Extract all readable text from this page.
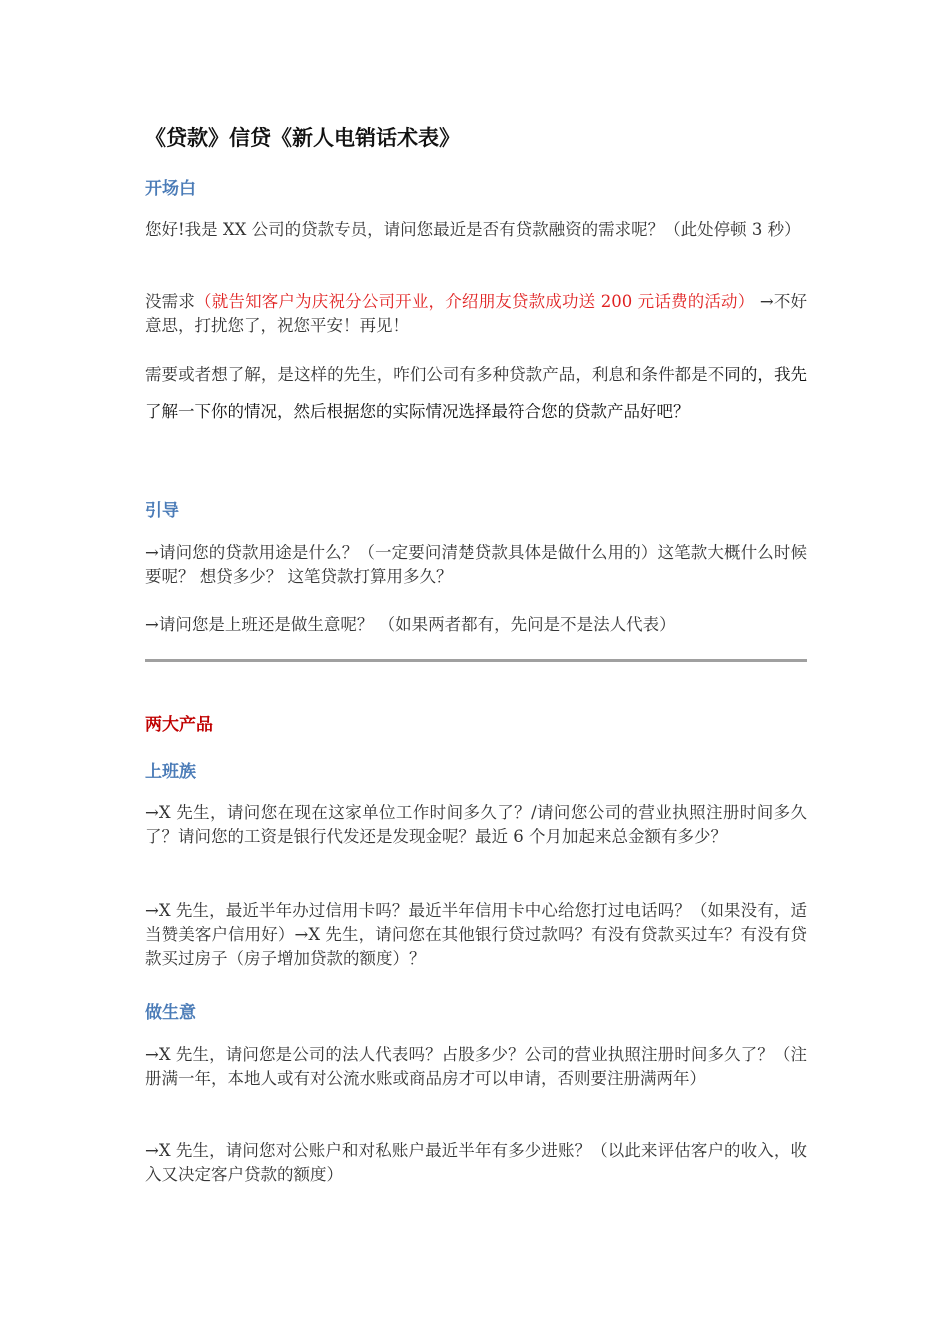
《贷款》信贷《新人电销话术表》
开场白
您好!我是 XX 公司的贷款专员，请问您最近是否有贷款融资的需求呢？（此处停顿 3 秒）
没需求（就告知客户为庆祝分公司开业，介绍朋友贷款成功送 200 元话费的活动） →不好意思，打扰您了，祝您平安！再见！
需要或者想了解，是这样的先生，咋们公司有多种贷款产品，利息和条件都是不同的，我先了解一下你的情况，然后根据您的实际情况选择最符合您的贷款产品好吧？
引导
→请问您的贷款用途是什么？（一定要问清楚贷款具体是做什么用的）这笔款大概什么时候要呢？ 想贷多少？ 这笔贷款打算用多久？
→请问您是上班还是做生意呢？ （如果两者都有，先问是不是法人代表）
两大产品
上班族
→X 先生，请问您在现在这家单位工作时间多久了？/请问您公司的营业执照注册时间多久了？请问您的工资是银行代发还是发现金呢？最近 6 个月加起来总金额有多少？
→X 先生，最近半年办过信用卡吗？最近半年信用卡中心给您打过电话吗？（如果没有，适当赞美客户信用好）→X 先生，请问您在其他银行贷过款吗？有没有贷款买过车？有没有贷款买过房子（房子增加贷款的额度）？
做生意
→X 先生，请问您是公司的法人代表吗？占股多少？公司的营业执照注册时间多久了？（注册满一年，本地人或有对公流水账或商品房才可以申请，否则要注册满两年）
→X 先生，请问您对公账户和对私账户最近半年有多少进账？（以此来评估客户的收入，收入又决定客户贷款的额度）
